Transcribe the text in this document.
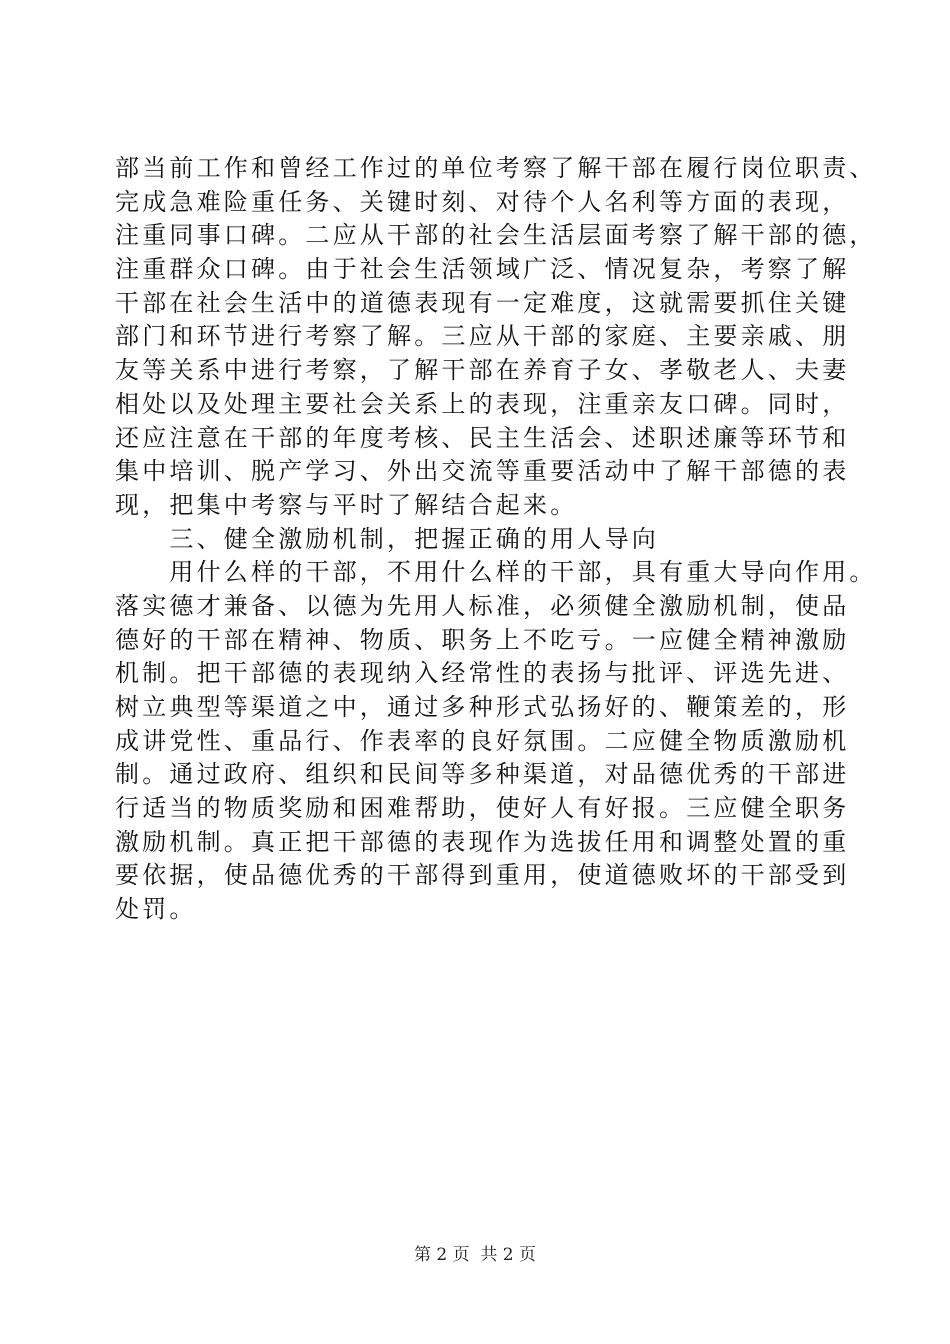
部当前工作和曾经工作过的单位考察了解干部在履行岗位职责、
完成急难险重任务、关键时刻、对待个人名利等方面的表现，
注重同事口碑。二应从干部的社会生活层面考察了解干部的德，
注重群众口碑。由于社会生活领域广泛、情况复杂，考察了解
干部在社会生活中的道德表现有一定难度，这就需要抓住关键
部门和环节进行考察了解。三应从干部的家庭、主要亲戚、朋
友等关系中进行考察，了解干部在养育子女、孝敬老人、夫妻
相处以及处理主要社会关系上的表现，注重亲友口碑。同时，
还应注意在干部的年度考核、民主生活会、述职述廉等环节和
集中培训、脱产学习、外出交流等重要活动中了解干部德的表
现，把集中考察与平时了解结合起来。
　　三、健全激励机制，把握正确的用人导向
　　用什么样的干部，不用什么样的干部，具有重大导向作用。
落实德才兼备、以德为先用人标准，必须健全激励机制，使品
德好的干部在精神、物质、职务上不吃亏。一应健全精神激励
机制。把干部德的表现纳入经常性的表扬与批评、评选先进、
树立典型等渠道之中，通过多种形式弘扬好的、鞭策差的，形
成讲党性、重品行、作表率的良好氛围。二应健全物质激励机
制。通过政府、组织和民间等多种渠道，对品德优秀的干部进
行适当的物质奖励和困难帮助，使好人有好报。三应健全职务
激励机制。真正把干部德的表现作为选拔任用和调整处置的重
要依据，使品德优秀的干部得到重用，使道德败坏的干部受到
处罚。
第 2 页  共 2 页
